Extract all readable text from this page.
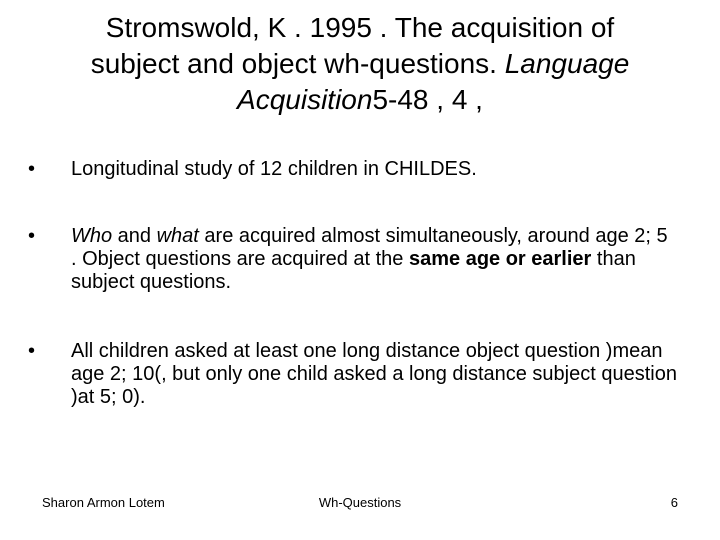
Stromswold, K . 1995 . The acquisition of
subject and object wh-questions. Language
Acquisition5-48 , 4 ,
•	Longitudinal study of 12 children in CHILDES.
•	Who and what are acquired almost simultaneously, around age 2; 5 . Object questions are acquired at the same age or earlier than subject questions.
•	All children asked at least one long distance object question )mean age 2; 10(, but only one child asked a long distance subject question )at 5; 0).
Sharon Armon Lotem	Wh-Questions	6
